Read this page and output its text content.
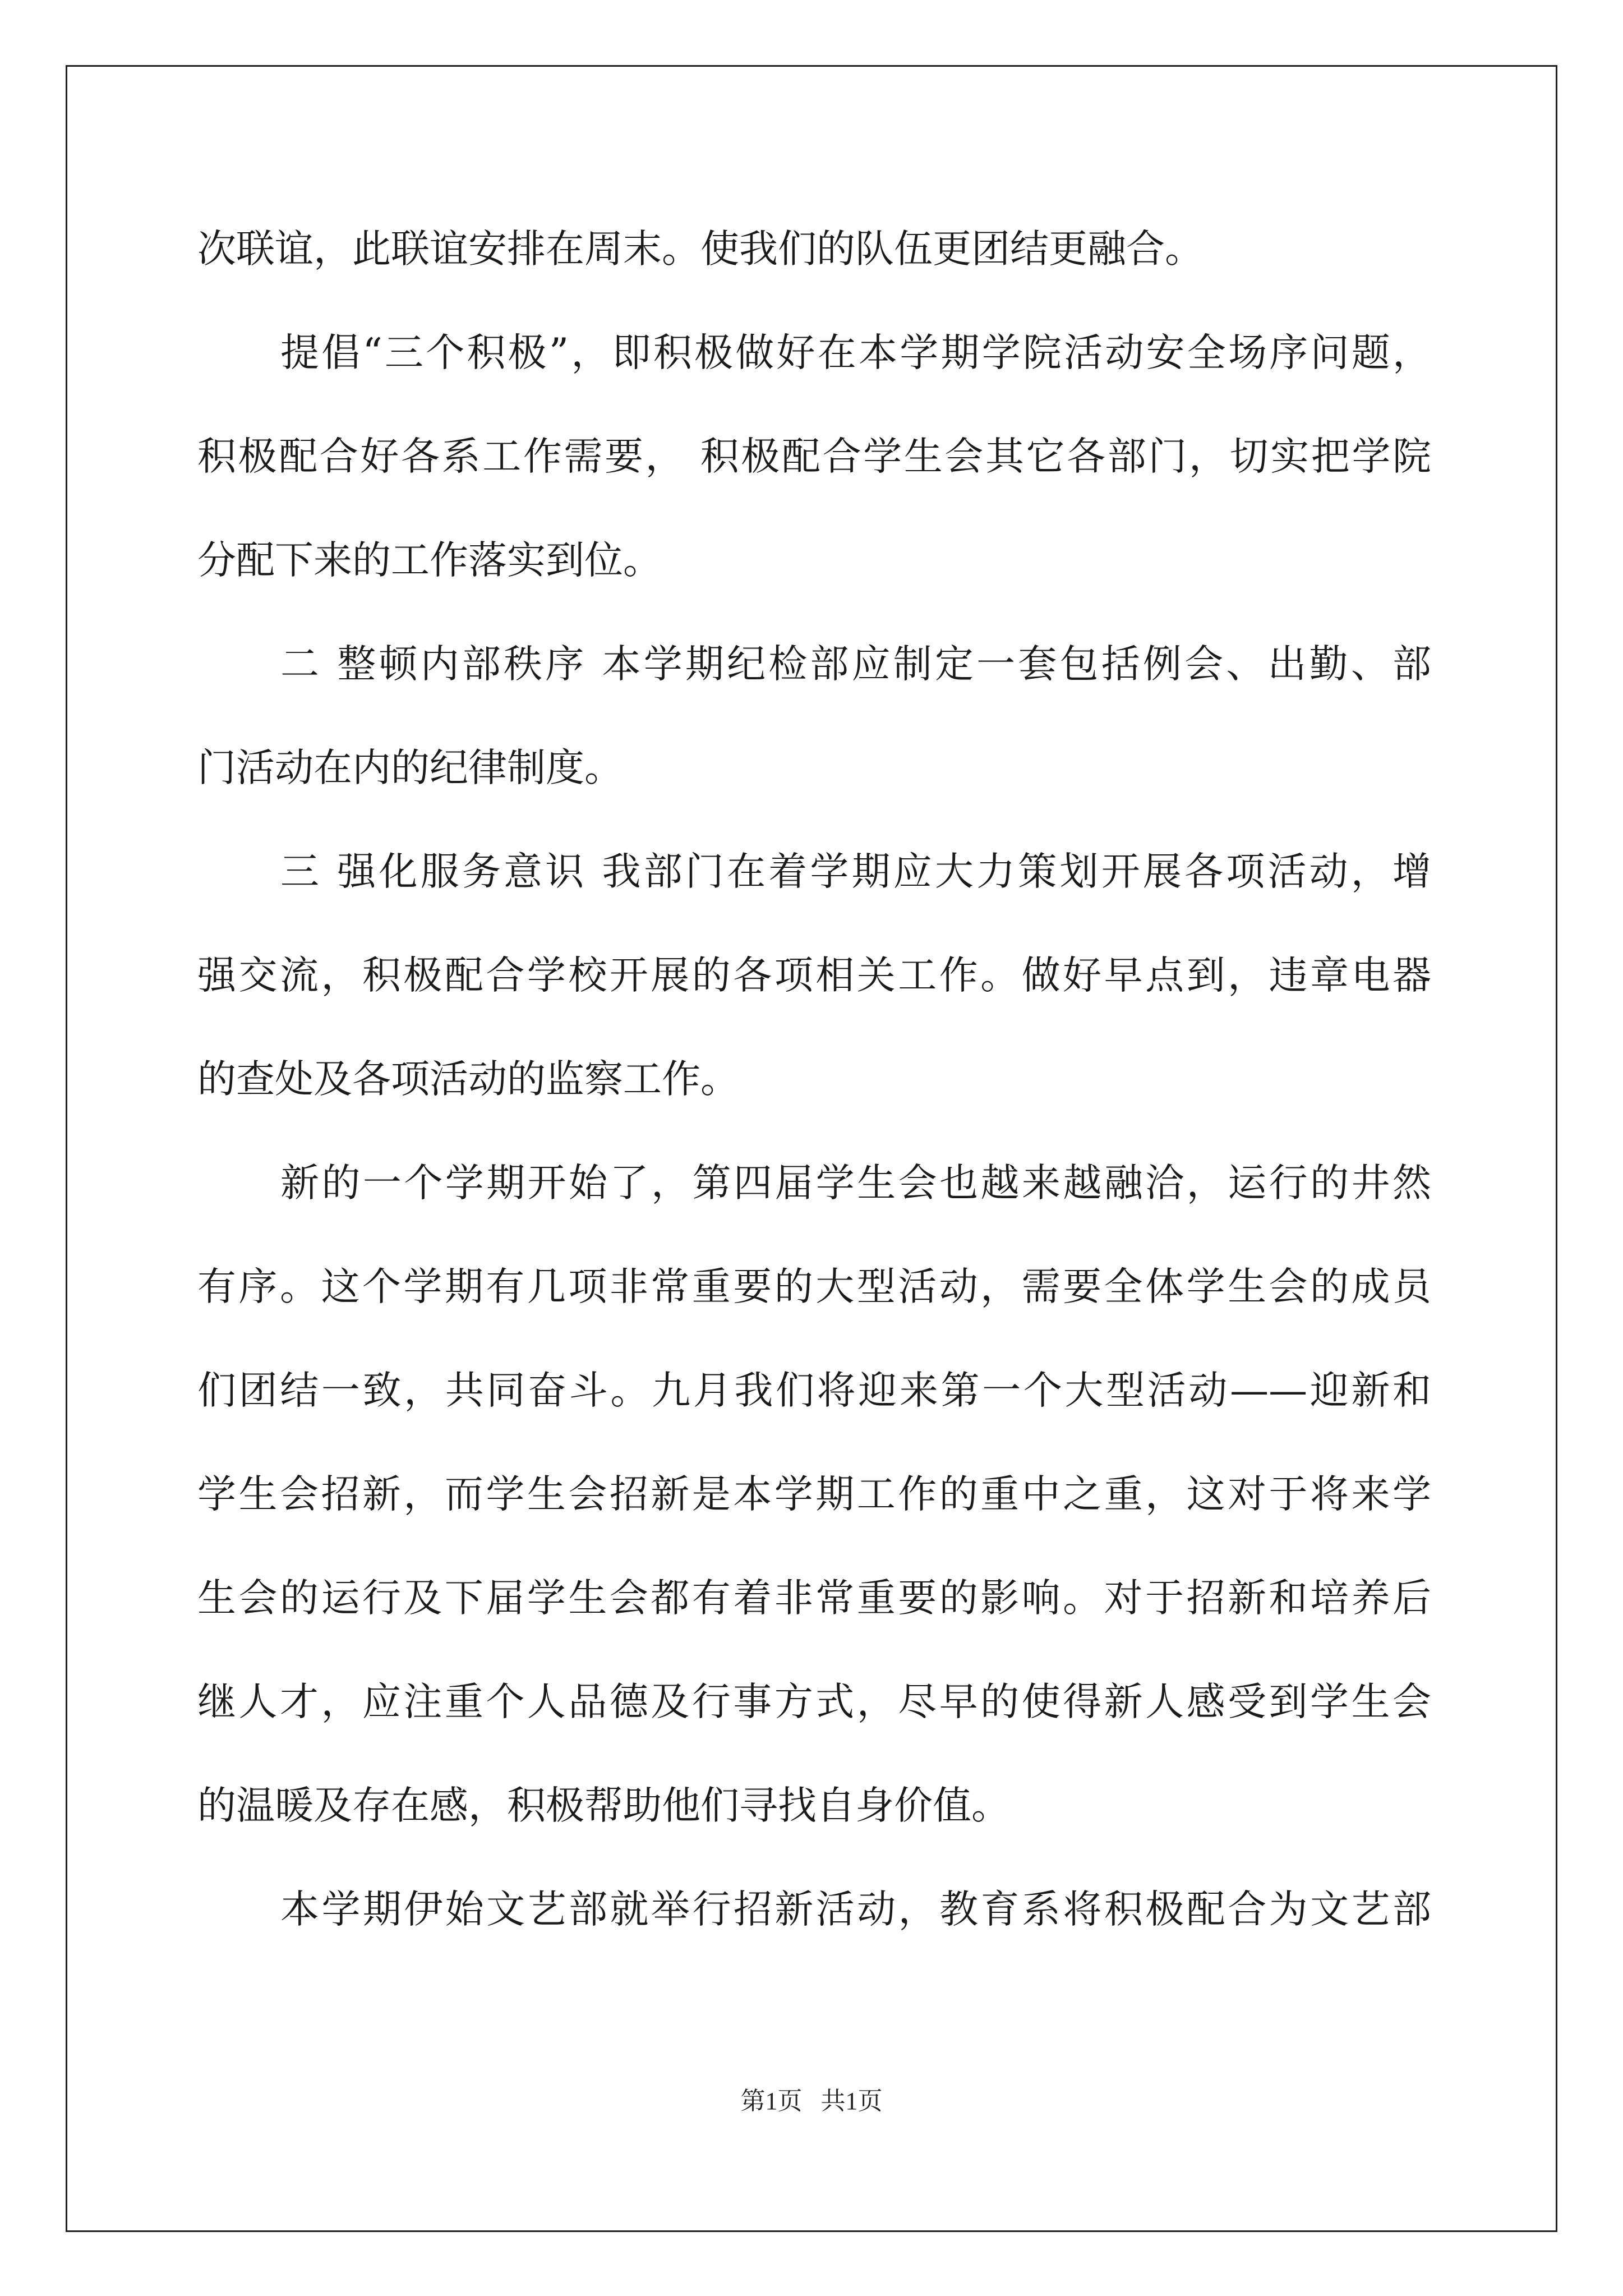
次联谊，此联谊安排在周末。使我们的队伍更团结更融合。
提倡“三个积极”，即积极做好在本学期学院活动安全场序问题，
积极配合好各系工作需要， 积极配合学生会其它各部门，切实把学院
分配下来的工作落实到位。
二 整顿内部秩序 本学期纪检部应制定一套包括例会、出勤、部
门活动在内的纪律制度。
三 强化服务意识 我部门在着学期应大力策划开展各项活动，增
强交流，积极配合学校开展的各项相关工作。做好早点到，违章电器
的查处及各项活动的监察工作。
新的一个学期开始了，第四届学生会也越来越融洽，运行的井然
有序。这个学期有几项非常重要的大型活动，需要全体学生会的成员
们团结一致，共同奋斗。九月我们将迎来第一个大型活动——迎新和
学生会招新，而学生会招新是本学期工作的重中之重，这对于将来学
生会的运行及下届学生会都有着非常重要的影响。对于招新和培养后
继人才，应注重个人品德及行事方式，尽早的使得新人感受到学生会
的温暖及存在感，积极帮助他们寻找自身价值。
本学期伊始文艺部就举行招新活动，教育系将积极配合为文艺部
第1页 共1页
